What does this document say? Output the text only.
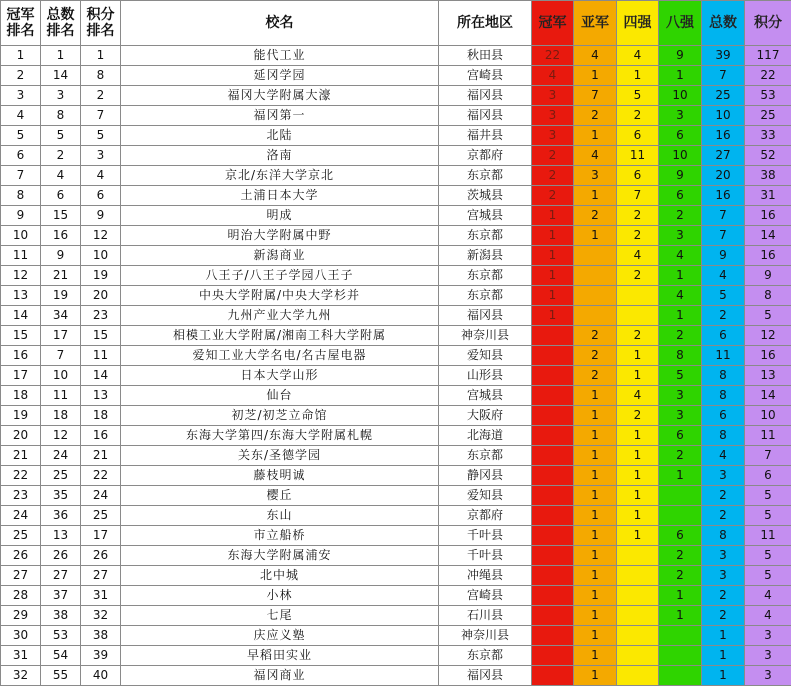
冠军排名	总数排名	积分排名	校名	所在地区	冠军	亚军	四强	八强	总数	积分
1	1	1	能代工业	秋田县	22	4	4	9	39	117
2	14	8	延冈学园	宫崎县	4	1	1	1	7	22
3	3	2	福冈大学附属大濠	福冈县	3	7	5	10	25	53
4	8	7	福冈第一	福冈县	3	2	2	3	10	25
5	5	5	北陆	福井县	3	1	6	6	16	33
6	2	3	洛南	京都府	2	4	11	10	27	52
7	4	4	京北/东洋大学京北	东京都	2	3	6	9	20	38
8	6	6	土浦日本大学	茨城县	2	1	7	6	16	31
9	15	9	明成	宫城县	1	2	2	2	7	16
10	16	12	明治大学附属中野	东京都	1	1	2	3	7	14
11	9	10	新潟商业	新潟县	1		4	4	9	16
12	21	19	八王子/八王子学园八王子	东京都	1		2	1	4	9
13	19	20	中央大学附属/中央大学杉并	东京都	1			4	5	8
14	34	23	九州产业大学九州	福冈县	1			1	2	5
15	17	15	相模工业大学附属/湘南工科大学附属	神奈川县		2	2	2	6	12
16	7	11	爱知工业大学名电/名古屋电器	爱知县		2	1	8	11	16
17	10	14	日本大学山形	山形县		2	1	5	8	13
18	11	13	仙台	宫城县		1	4	3	8	14
19	18	18	初芝/初芝立命馆	大阪府		1	2	3	6	10
20	12	16	东海大学第四/东海大学附属札幌	北海道		1	1	6	8	11
21	24	21	关东/圣德学园	东京都		1	1	2	4	7
22	25	22	藤枝明诚	静冈县		1	1	1	3	6
23	35	24	樱丘	爱知县		1	1		2	5
24	36	25	东山	京都府		1	1		2	5
25	13	17	市立船桥	千叶县		1	1	6	8	11
26	26	26	东海大学附属浦安	千叶县		1		2	3	5
27	27	27	北中城	冲绳县		1		2	3	5
28	37	31	小林	宫崎县		1		1	2	4
29	38	32	七尾	石川县		1		1	2	4
30	53	38	庆应义塾	神奈川县		1			1	3
31	54	39	早稻田实业	东京都		1			1	3
32	55	40	福冈商业	福冈县		1			1	3
